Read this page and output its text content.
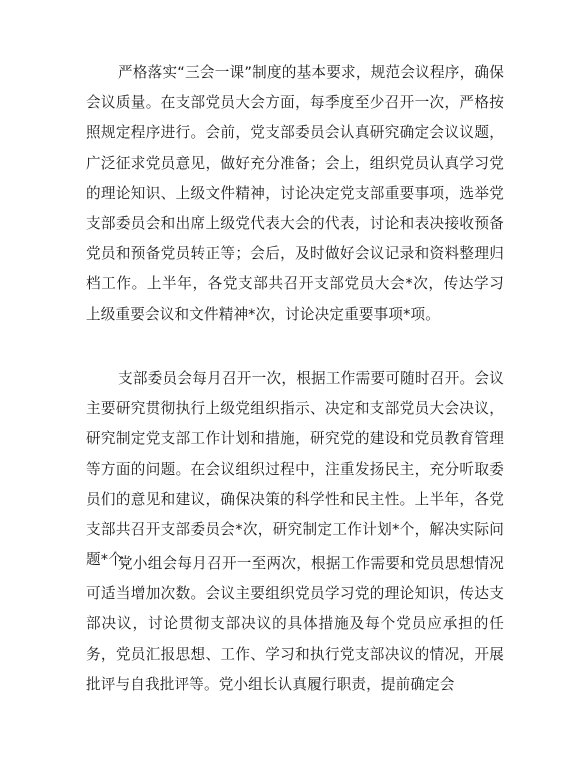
严格落实“三会一课”制度的基本要求，规范会议程序，确保会议质量。在支部党员大会方面，每季度至少召开一次，严格按照规定程序进行。会前，党支部委员会认真研究确定会议议题，广泛征求党员意见，做好充分准备；会上，组织党员认真学习党的理论知识、上级文件精神，讨论决定党支部重要事项，选举党支部委员会和出席上级党代表大会的代表，讨论和表决接收预备党员和预备党员转正等；会后，及时做好会议记录和资料整理归档工作。上半年，各党支部共召开支部党员大会*次，传达学习上级重要会议和文件精神*次，讨论决定重要事项*项。

支部委员会每月召开一次，根据工作需要可随时召开。会议主要研究贯彻执行上级党组织指示、决定和支部党员大会决议，研究制定党支部工作计划和措施，研究党的建设和党员教育管理等方面的问题。在会议组织过程中，注重发扬民主，充分听取委员们的意见和建议，确保决策的科学性和民主性。上半年，各党支部共召开支部委员会*次，研究制定工作计划*个，解决实际问题*个。

党小组会每月召开一至两次，根据工作需要和党员思想情况可适当增加次数。会议主要组织党员学习党的理论知识，传达支部决议，讨论贯彻支部决议的具体措施及每个党员应承担的任务，党员汇报思想、工作、学习和执行党支部决议的情况，开展批评与自我批评等。党小组长认真履行职责，提前确定会
